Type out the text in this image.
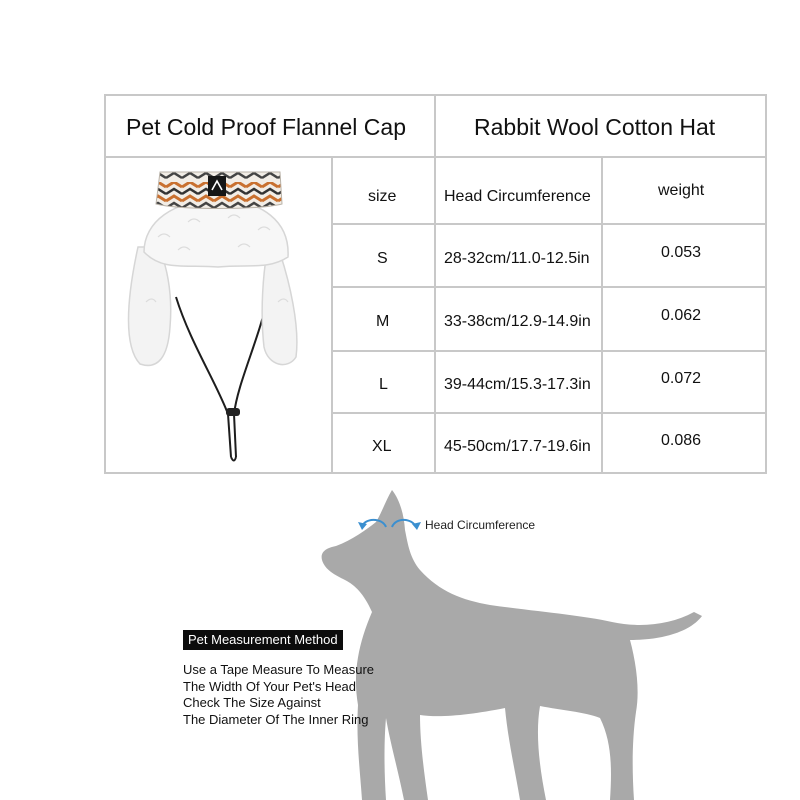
Pet Cold Proof Flannel Cap	Rabbit Wool Cotton Hat
size	Head Circumference	weight
S	28-32cm/11.0-12.5in	0.053
M	33-38cm/12.9-14.9in	0.062
L	39-44cm/15.3-17.3in	0.072
XL	45-50cm/17.7-19.6in	0.086
Head Circumference
Pet Measurement Method
Use a Tape Measure To Measure
The Width Of Your Pet's Head
Check The Size Against
The Diameter Of The Inner Ring
